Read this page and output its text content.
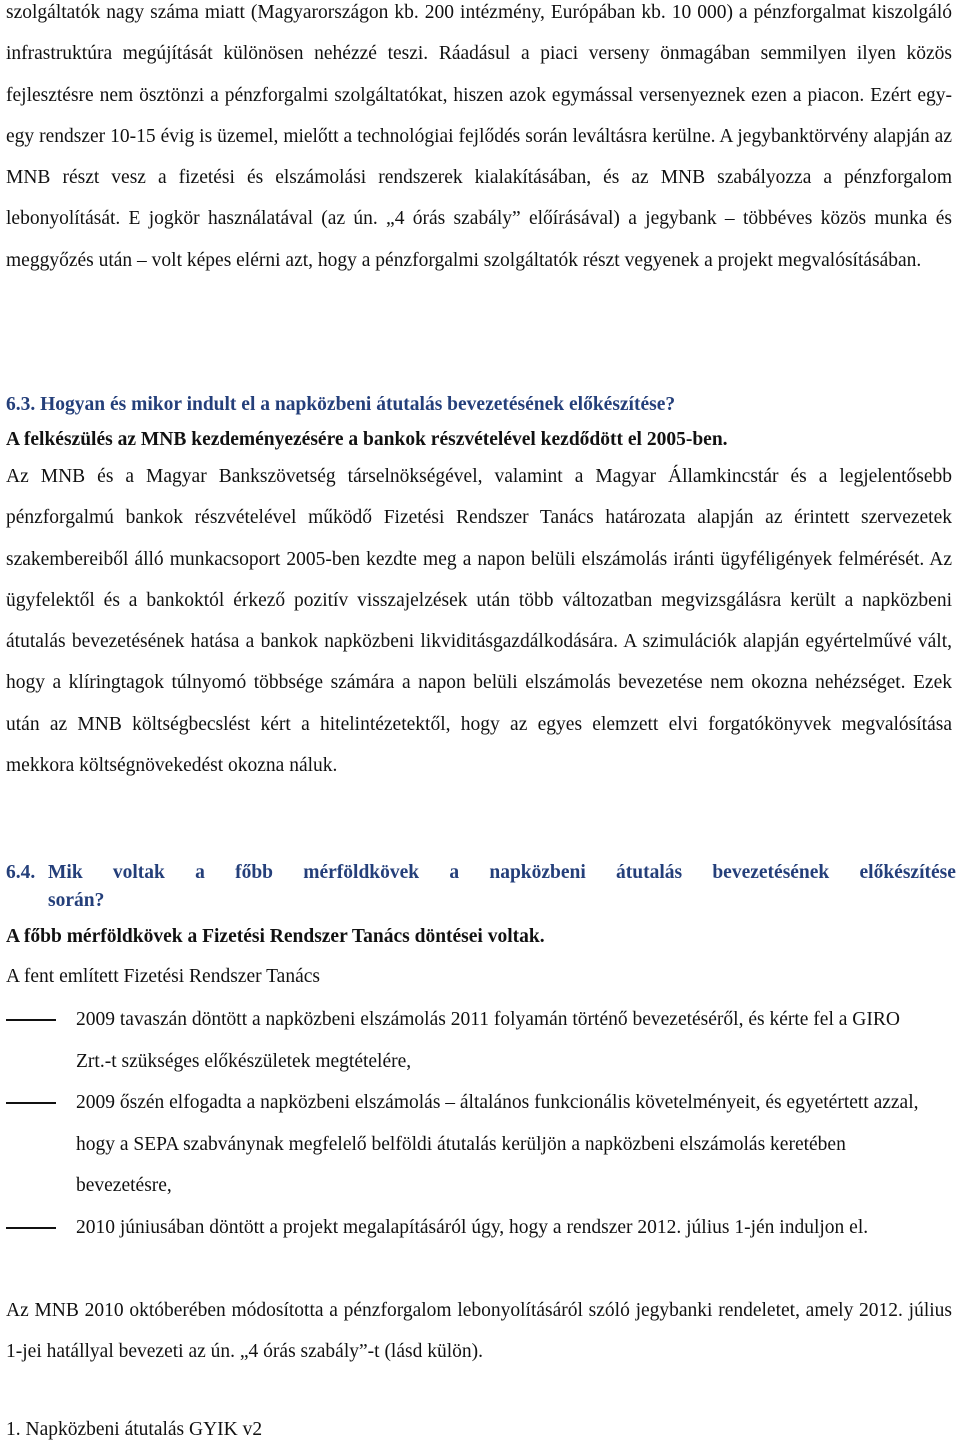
szolgáltatók nagy száma miatt (Magyarországon kb. 200 intézmény, Európában kb. 10 000) a pénzforgalmat kiszolgáló infrastruktúra megújítását különösen nehézzé teszi. Ráadásul a piaci verseny önmagában semmilyen ilyen közös fejlesztésre nem ösztönzi a pénzforgalmi szolgáltatókat, hiszen azok egymással versenyeznek ezen a piacon. Ezért egy-egy rendszer 10-15 évig is üzemel, mielőtt a technológiai fejlődés során leváltásra kerülne. A jegybanktörvény alapján az MNB részt vesz a fizetési és elszámolási rendszerek kialakításában, és az MNB szabályozza a pénzforgalom lebonyolítását. E jogkör használatával (az ún. „4 órás szabály” előírásával) a jegybank – többéves közös munka és meggyőzés után – volt képes elérni azt, hogy a pénzforgalmi szolgáltatók részt vegyenek a projekt megvalósításában.

6.3. Hogyan és mikor indult el a napközbeni átutalás bevezetésének előkészítése?

A felkészülés az MNB kezdeményezésére a bankok részvételével kezdődött el 2005-ben.

Az MNB és a Magyar Bankszövetség társelnökségével, valamint a Magyar Államkincstár és a legjelentősebb pénzforgalmú bankok részvételével működő Fizetési Rendszer Tanács határozata alapján az érintett szervezetek szakembereiből álló munkacsoport 2005-ben kezdte meg a napon belüli elszámolás iránti ügyféligények felmérését. Az ügyfelektől és a bankoktól érkező pozitív visszajelzések után több változatban megvizsgálásra került a napközbeni átutalás bevezetésének hatása a bankok napközbeni likviditásgazdálkodására. A szimulációk alapján egyértelművé vált, hogy a klíringtagok túlnyomó többsége számára a napon belüli elszámolás bevezetése nem okozna nehézséget. Ezek után az MNB költségbecslést kért a hitelintézetektől, hogy az egyes elemzett elvi forgatókönyvek megvalósítása mekkora költségnövekedést okozna náluk.

6.4. Mik voltak a főbb mérföldkövek a napközbeni átutalás bevezetésének előkészítése
során?

A főbb mérföldkövek a Fizetési Rendszer Tanács döntései voltak.

A fent említett Fizetési Rendszer Tanács

2009 tavaszán döntött a napközbeni elszámolás 2011 folyamán történő bevezetéséről, és kérte fel a GIRO Zrt.-t szükséges előkészületek megtételére,
2009 őszén elfogadta a napközbeni elszámolás – általános funkcionális követelményeit, és egyetértett azzal, hogy a SEPA szabványnak megfelelő belföldi átutalás kerüljön a napközbeni elszámolás keretében bevezetésre,
2010 júniusában döntött a projekt megalapításáról úgy, hogy a rendszer 2012. július 1-jén induljon el.

Az MNB 2010 októberében módosította a pénzforgalom lebonyolításáról szóló jegybanki rendeletet, amely 2012. július 1-jei hatállyal bevezeti az ún. „4 órás szabály”-t (lásd külön).

1. Napközbeni átutalás GYIK v2
